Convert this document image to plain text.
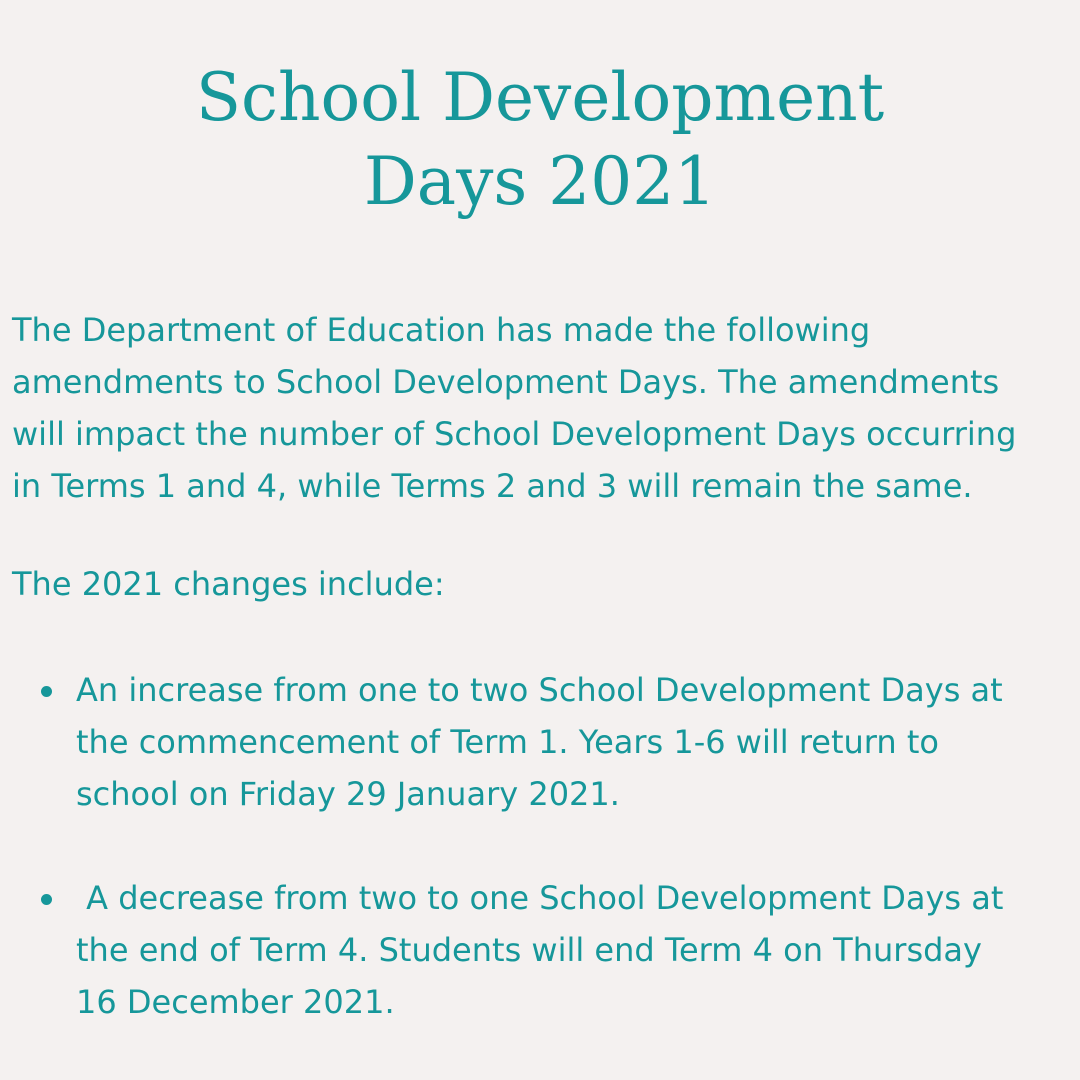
School Development
Days 2021

The Department of Education has made the following
amendments to School Development Days. The amendments
will impact the number of School Development Days occurring
in Terms 1 and 4, while Terms 2 and 3 will remain the same.

The 2021 changes include:

An increase from one to two School Development Days at
the commencement of Term 1. Years 1-6 will return to
school on Friday 29 January 2021.

A decrease from two to one School Development Days at
the end of Term 4. Students will end Term 4 on Thursday
16 December 2021.
